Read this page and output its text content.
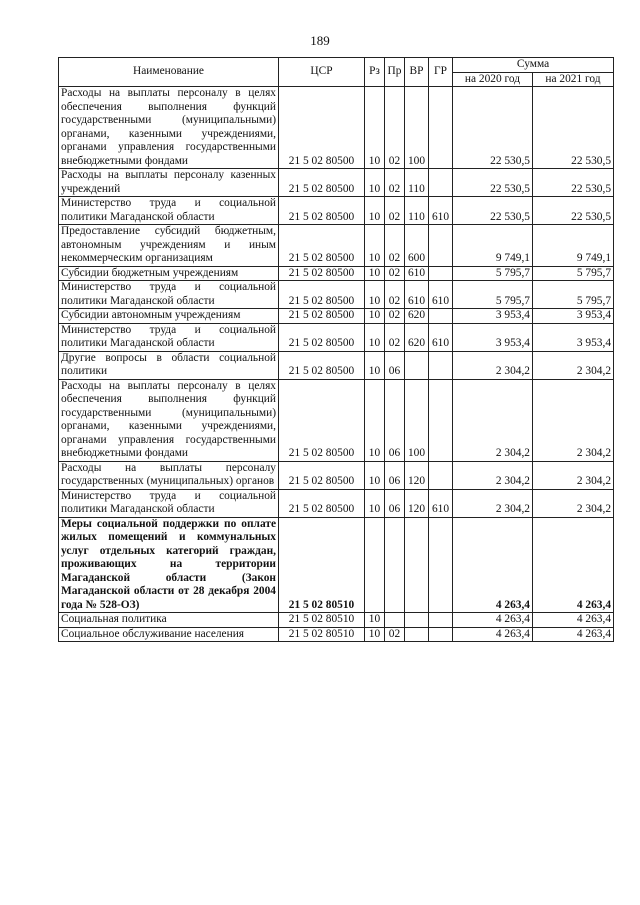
189
Наименование	ЦСР	Рз	Пр	ВР	ГР	Сумма	
						на 2020 год	на 2021 год
Расходы на выплаты персоналу в целях обеспечения выполнения функций государственными (муниципальными) органами, казенными учреждениями, органами управления государственными внебюджетными фондами	21 5 02 80500	10	02	100		22 530,5	22 530,5
Расходы на выплаты персоналу казенных учреждений	21 5 02 80500	10	02	110		22 530,5	22 530,5
Министерство труда и социальной политики Магаданской области	21 5 02 80500	10	02	110	610	22 530,5	22 530,5
Предоставление субсидий бюджетным, автономным учреждениям и иным некоммерческим организациям	21 5 02 80500	10	02	600		9 749,1	9 749,1
Субсидии бюджетным учреждениям	21 5 02 80500	10	02	610		5 795,7	5 795,7
Министерство труда и социальной политики Магаданской области	21 5 02 80500	10	02	610	610	5 795,7	5 795,7
Субсидии автономным учреждениям	21 5 02 80500	10	02	620		3 953,4	3 953,4
Министерство труда и социальной политики Магаданской области	21 5 02 80500	10	02	620	610	3 953,4	3 953,4
Другие вопросы в области социальной политики	21 5 02 80500	10	06			2 304,2	2 304,2
Расходы на выплаты персоналу в целях обеспечения выполнения функций государственными (муниципальными) органами, казенными учреждениями, органами управления государственными внебюджетными фондами	21 5 02 80500	10	06	100		2 304,2	2 304,2
Расходы на выплаты персоналу государственных (муниципальных) органов	21 5 02 80500	10	06	120		2 304,2	2 304,2
Министерство труда и социальной политики Магаданской области	21 5 02 80500	10	06	120	610	2 304,2	2 304,2
Меры социальной поддержки по оплате жилых помещений и коммунальных услуг отдельных категорий граждан, проживающих на территории Магаданской области (Закон Магаданской области от 28 декабря 2004 года № 528-ОЗ)	21 5 02 80510					4 263,4	4 263,4
Социальная политика	21 5 02 80510	10				4 263,4	4 263,4
Социальное обслуживание населения	21 5 02 80510	10	02			4 263,4	4 263,4
